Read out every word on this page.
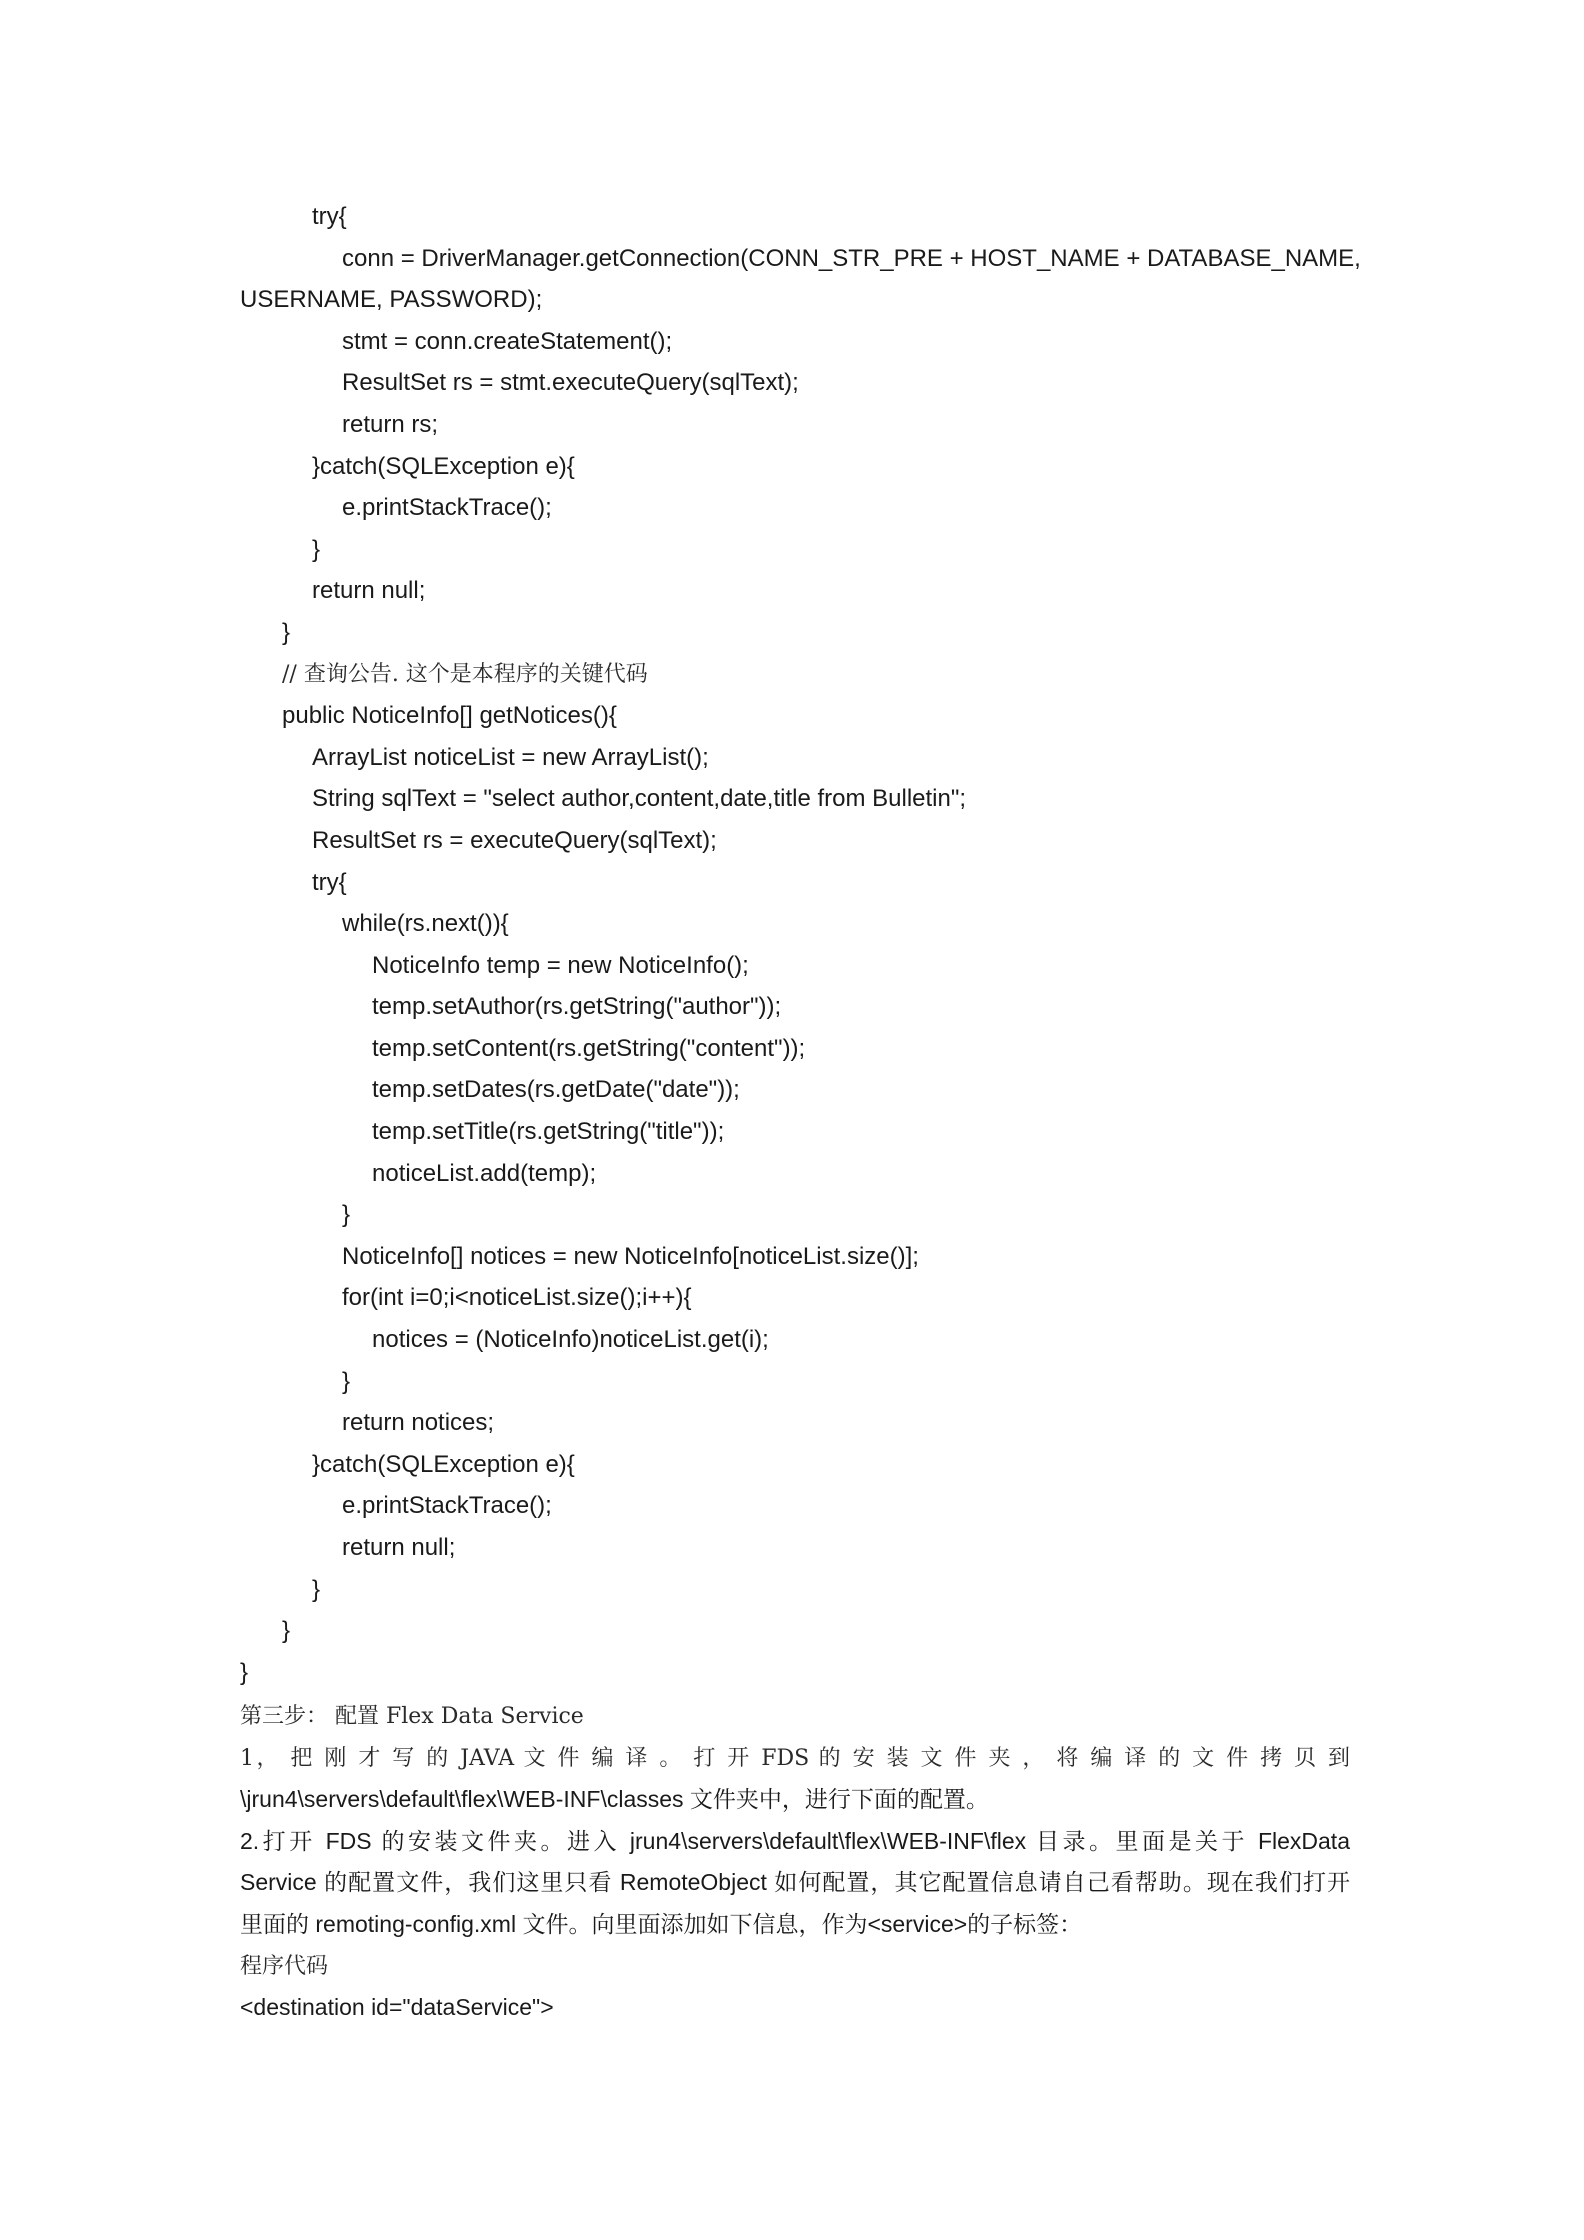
try{
conn = DriverManager.getConnection(CONN_STR_PRE + HOST_NAME + DATABASE_NAME,
USERNAME, PASSWORD);
stmt = conn.createStatement();
ResultSet rs = stmt.executeQuery(sqlText);
return rs;
}catch(SQLException e){
e.printStackTrace();
}
return null;
}
// 查询公告. 这个是本程序的关键代码
public NoticeInfo[] getNotices(){
ArrayList noticeList = new ArrayList();
String sqlText = "select author,content,date,title from Bulletin";
ResultSet rs = executeQuery(sqlText);
try{
while(rs.next()){
NoticeInfo temp = new NoticeInfo();
temp.setAuthor(rs.getString("author"));
temp.setContent(rs.getString("content"));
temp.setDates(rs.getDate("date"));
temp.setTitle(rs.getString("title"));
noticeList.add(temp);
}
NoticeInfo[] notices = new NoticeInfo[noticeList.size()];
for(int i=0;i<noticeList.size();i++){
notices = (NoticeInfo)noticeList.get(i);
}
return notices;
}catch(SQLException e){
e.printStackTrace();
return null;
}
}
}
第三步： 配置 Flex Data Service
1， 把 刚 才 写 的 JAVA 文 件 编 译 。 打 开 FDS 的 安 装 文 件 夹 ， 将 编 译 的 文 件 拷 贝 到
\jrun4\servers\default\flex\WEB-INF\classes 文件夹中，进行下面的配置。
2.打开 FDS 的安装文件夹。进入 jrun4\servers\default\flex\WEB-INF\flex 目录。里面是关于 FlexData
Service 的配置文件，我们这里只看 RemoteObject 如何配置，其它配置信息请自己看帮助。现在我们打开
里面的 remoting-config.xml 文件。向里面添加如下信息，作为<service>的子标签：
程序代码
<destination id="dataService">
